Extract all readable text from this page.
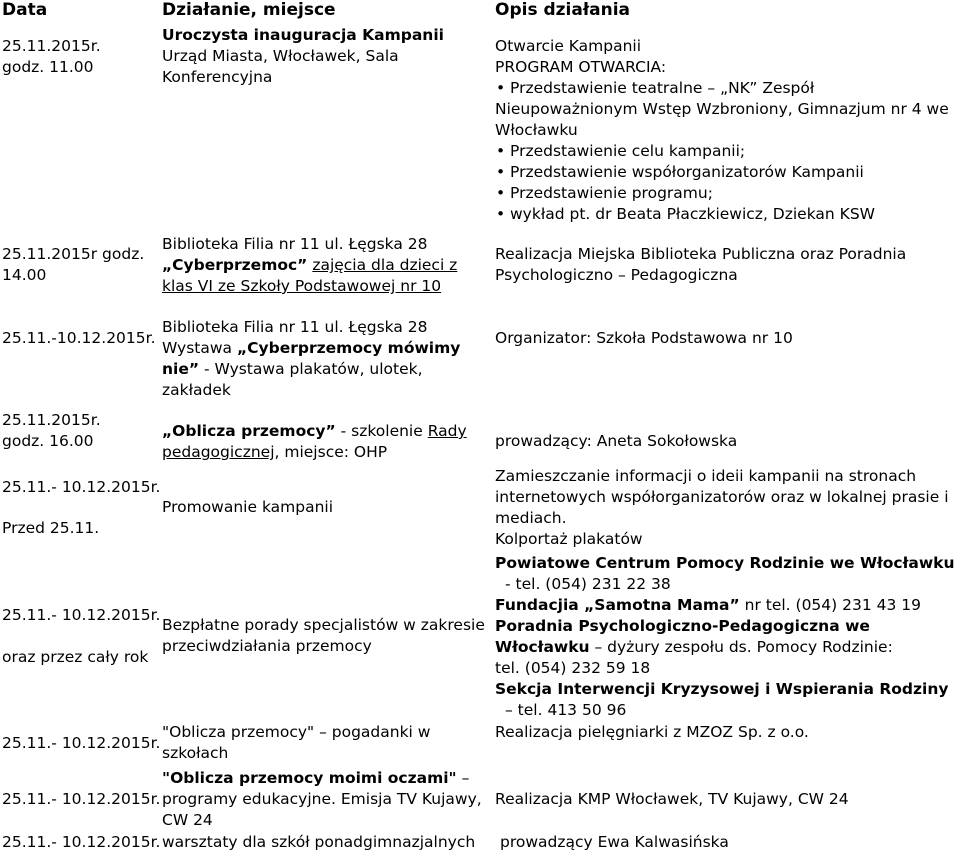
Data	Działanie, miejsce	Opis działania
25.11.2015r.
godz. 11.00
Uroczysta inauguracja Kampanii
Urząd Miasta, Włocławek, Sala
Konferencyjna
Otwarcie Kampanii
PROGRAM OTWARCIA:
• Przedstawienie teatralne – „NK” Zespół
Nieupoważnionym Wstęp Wzbroniony, Gimnazjum nr 4 we
Włocławku
• Przedstawienie celu kampanii;
• Przedstawienie współorganizatorów Kampanii
• Przedstawienie programu;
• wykład pt. dr Beata Płaczkiewicz, Dziekan KSW
25.11.2015r godz.
14.00
Biblioteka Filia nr 11 ul. Łęgska 28
„Cyberprzemoc” zajęcia dla dzieci z
klas VI ze Szkoły Podstawowej nr 10
Realizacja Miejska Biblioteka Publiczna oraz Poradnia
Psychologiczno – Pedagogiczna
25.11.-10.12.2015r.
Biblioteka Filia nr 11 ul. Łęgska 28
Wystawa „Cyberprzemocy mówimy
nie” - Wystawa plakatów, ulotek,
zakładek
Organizator: Szkoła Podstawowa nr 10
25.11.2015r.
godz. 16.00
„Oblicza przemocy” - szkolenie Rady
pedagogicznej, miejsce: OHP
prowadzący: Aneta Sokołowska
25.11.- 10.12.2015r.
Przed 25.11.
Promowanie kampanii
Zamieszczanie informacji o ideii kampanii na stronach
internetowych współorganizatorów oraz w lokalnej prasie i
mediach.
Kolportaż plakatów
25.11.- 10.12.2015r.
oraz przez cały rok
Bezpłatne porady specjalistów w zakresie
przeciwdziałania przemocy
Powiatowe Centrum Pomocy Rodzinie we Włocławku
- tel. (054) 231 22 38
Fundacjia „Samotna Mama” nr tel. (054) 231 43 19
Poradnia Psychologiczno-Pedagogiczna we
Włocławku – dyżury zespołu ds. Pomocy Rodzinie:
tel. (054) 232 59 18
Sekcja Interwencji Kryzysowej i Wspierania Rodziny
– tel. 413 50 96
25.11.- 10.12.2015r.
"Oblicza przemocy" – pogadanki w
szkołach
Realizacja pielęgniarki z MZOZ Sp. z o.o.
25.11.- 10.12.2015r.
"Oblicza przemocy moimi oczami" –
programy edukacyjne. Emisja TV Kujawy,
CW 24
Realizacja KMP Włocławek, TV Kujawy, CW 24
25.11.- 10.12.2015r. warsztaty dla szkół ponadgimnazjalnych prowadzący Ewa Kalwasińska
